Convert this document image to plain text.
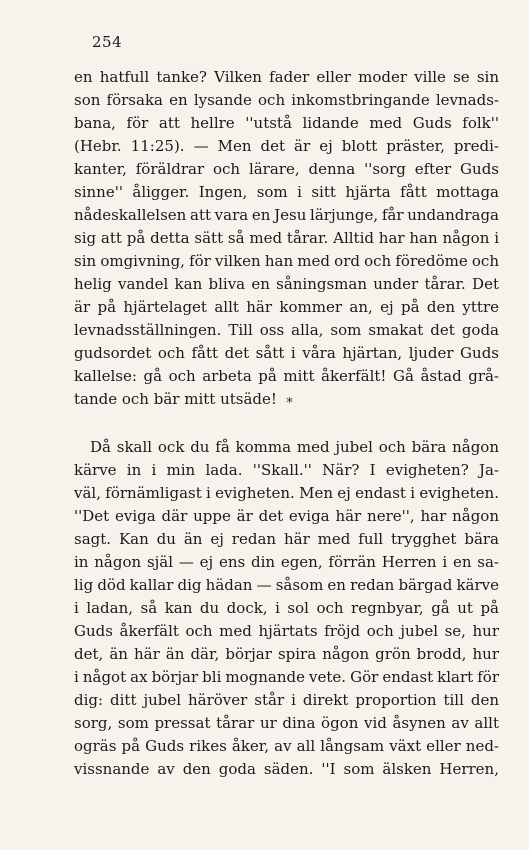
254
en hatfull tanke? Vilken fader eller moder ville se sin
son försaka en lysande och inkomstbringande levnads-
bana, för att hellre ''utstå lidande med Guds folk''
(Hebr. 11:25). — Men det är ej blott präster, predi-
kanter, föräldrar och lärare, denna ''sorg efter Guds
sinne'' åligger. Ingen, som i sitt hjärta fått mottaga
nådeskallelsen att vara en Jesu lärjunge, får undandraga
sig att på detta sätt så med tårar. Alltid har han någon i
sin omgivning, för vilken han med ord och föredöme och
helig vandel kan bliva en såningsman under tårar. Det
är på hjärtelaget allt här kommer an, ej på den yttre
levnadsställningen. Till oss alla, som smakat det goda
gudsordet och fått det sått i våra hjärtan, ljuder Guds
kallelse: gå och arbeta på mitt åkerfält! Gå åstad grå-
tande och bär mitt utsäde! *
Då skall ock du få komma med jubel och bära någon
kärve in i min lada. ''Skall.'' När? I evigheten? Ja-
väl, förnämligast i evigheten. Men ej endast i evigheten.
''Det eviga där uppe är det eviga här nere'', har någon
sagt. Kan du än ej redan här med full trygghet bära
in någon själ — ej ens din egen, förrän Herren i en sa-
lig död kallar dig hädan — såsom en redan bärgad kärve
i ladan, så kan du dock, i sol och regnbyar, gå ut på
Guds åkerfält och med hjärtats fröjd och jubel se, hur
det, än här än där, börjar spira någon grön brodd, hur
i något ax börjar bli mognande vete. Gör endast klart för
dig: ditt jubel häröver står i direkt proportion till den
sorg, som pressat tårar ur dina ögon vid åsynen av allt
ogräs på Guds rikes åker, av all långsam växt eller ned-
vissnande av den goda säden. ''I som älsken Herren,
